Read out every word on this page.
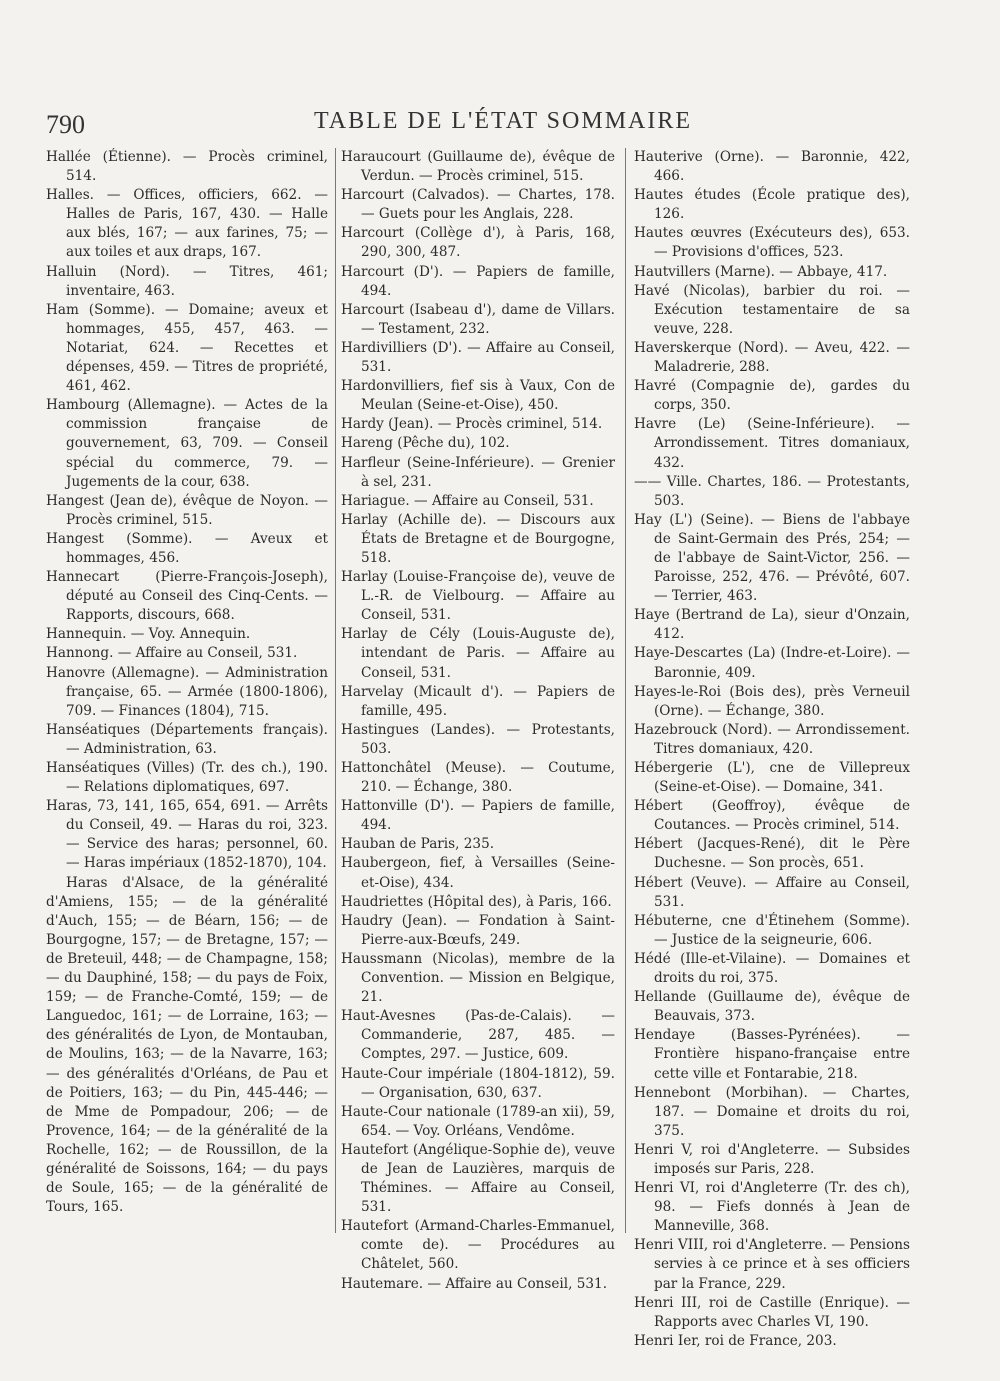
790	TABLE DE L'ÉTAT SOMMAIRE

Hallée (Étienne). — Procès criminel, 514.

Halles. — Offices, officiers, 662. — Halles de Paris, 167, 430. — Halle aux blés, 167; — aux farines, 75; — aux toiles et aux draps, 167.

Halluin (Nord). — Titres, 461; inventaire, 463.

Ham (Somme). — Domaine; aveux et hommages, 455, 457, 463. — Notariat, 624. — Recettes et dépenses, 459. — Titres de propriété, 461, 462.

Hambourg (Allemagne). — Actes de la commission française de gouvernement, 63, 709. — Conseil spécial du commerce, 79. — Jugements de la cour, 638.

Hangest (Jean de), évêque de Noyon. — Procès criminel, 515.

Hangest (Somme). — Aveux et hommages, 456.

Hannecart (Pierre-François-Joseph), député au Conseil des Cinq-Cents. — Rapports, discours, 668.

Hannequin. — Voy. Annequin.

Hannong. — Affaire au Conseil, 531.

Hanovre (Allemagne). — Administration française, 65. — Armée (1800-1806), 709. — Finances (1804), 715.

Hanséatiques (Départements français). — Administration, 63.

Hanséatiques (Villes) (Tr. des ch.), 190. — Relations diplomatiques, 697.

Haras, 73, 141, 165, 654, 691. — Arrêts du Conseil, 49. — Haras du roi, 323. — Service des haras; personnel, 60. — Haras impériaux (1852-1870), 104.

Haras d'Alsace, de la généralité d'Amiens, 155; — de la généralité d'Auch, 155; — de Béarn, 156; — de Bourgogne, 157; — de Bretagne, 157; — de Breteuil, 448; — de Champagne, 158; — du Dauphiné, 158; — du pays de Foix, 159; — de Franche-Comté, 159; — de Languedoc, 161; — de Lorraine, 163; — des généralités de Lyon, de Montauban, de Moulins, 163; — de la Navarre, 163; — des généralités d'Orléans, de Pau et de Poitiers, 163; — du Pin, 445-446; — de Mme de Pompadour, 206; — de Provence, 164; — de la généralité de la Rochelle, 162; — de Roussillon, de la généralité de Soissons, 164; — du pays de Soule, 165; — de la généralité de Tours, 165.

Haraucourt (Guillaume de), évêque de Verdun. — Procès criminel, 515.

Harcourt (Calvados). — Chartes, 178. — Guets pour les Anglais, 228.

Harcourt (Collège d'), à Paris, 168, 290, 300, 487.

Harcourt (D'). — Papiers de famille, 494.

Harcourt (Isabeau d'), dame de Villars. — Testament, 232.

Hardivilliers (D'). — Affaire au Conseil, 531.

Hardonvilliers, fief sis à Vaux, Con de Meulan (Seine-et-Oise), 450.

Hardy (Jean). — Procès criminel, 514.

Hareng (Pêche du), 102.

Harfleur (Seine-Inférieure). — Grenier à sel, 231.

Hariague. — Affaire au Conseil, 531.

Harlay (Achille de). — Discours aux États de Bretagne et de Bourgogne, 518.

Harlay (Louise-Françoise de), veuve de L.-R. de Vielbourg. — Affaire au Conseil, 531.

Harlay de Cély (Louis-Auguste de), intendant de Paris. — Affaire au Conseil, 531.

Harvelay (Micault d'). — Papiers de famille, 495.

Hastingues (Landes). — Protestants, 503.

Hattonchâtel (Meuse). — Coutume, 210. — Échange, 380.

Hattonville (D'). — Papiers de famille, 494.

Hauban de Paris, 235.

Haubergeon, fief, à Versailles (Seine-et-Oise), 434.

Haudriettes (Hôpital des), à Paris, 166.

Haudry (Jean). — Fondation à Saint-Pierre-aux-Bœufs, 249.

Haussmann (Nicolas), membre de la Convention. — Mission en Belgique, 21.

Haut-Avesnes (Pas-de-Calais). — Commanderie, 287, 485. — Comptes, 297. — Justice, 609.

Haute-Cour impériale (1804-1812), 59. — Organisation, 630, 637.

Haute-Cour nationale (1789-an xii), 59, 654. — Voy. Orléans, Vendôme.

Hautefort (Angélique-Sophie de), veuve de Jean de Lauzières, marquis de Thémines. — Affaire au Conseil, 531.

Hautefort (Armand-Charles-Emmanuel, comte de). — Procédures au Châtelet, 560.

Hautemare. — Affaire au Conseil, 531.

Hauterive (Orne). — Baronnie, 422, 466.

Hautes études (École pratique des), 126.

Hautes œuvres (Exécuteurs des), 653. — Provisions d'offices, 523.

Hautvillers (Marne). — Abbaye, 417.

Havé (Nicolas), barbier du roi. — Exécution testamentaire de sa veuve, 228.

Haverskerque (Nord). — Aveu, 422. — Maladrerie, 288.

Havré (Compagnie de), gardes du corps, 350.

Havre (Le) (Seine-Inférieure). — Arrondissement. Titres domaniaux, 432.

—— Ville. Chartes, 186. — Protestants, 503.

Hay (L') (Seine). — Biens de l'abbaye de Saint-Germain des Prés, 254; — de l'abbaye de Saint-Victor, 256. — Paroisse, 252, 476. — Prévôté, 607. — Terrier, 463.

Haye (Bertrand de La), sieur d'Onzain, 412.

Haye-Descartes (La) (Indre-et-Loire). — Baronnie, 409.

Hayes-le-Roi (Bois des), près Verneuil (Orne). — Échange, 380.

Hazebrouck (Nord). — Arrondissement. Titres domaniaux, 420.

Hébergerie (L'), cne de Villepreux (Seine-et-Oise). — Domaine, 341.

Hébert (Geoffroy), évêque de Coutances. — Procès criminel, 514.

Hébert (Jacques-René), dit le Père Duchesne. — Son procès, 651.

Hébert (Veuve). — Affaire au Conseil, 531.

Hébuterne, cne d'Étinehem (Somme). — Justice de la seigneurie, 606.

Hédé (Ille-et-Vilaine). — Domaines et droits du roi, 375.

Hellande (Guillaume de), évêque de Beauvais, 373.

Hendaye (Basses-Pyrénées). — Frontière hispano-française entre cette ville et Fontarabie, 218.

Hennebont (Morbihan). — Chartes, 187. — Domaine et droits du roi, 375.

Henri V, roi d'Angleterre. — Subsides imposés sur Paris, 228.

Henri VI, roi d'Angleterre (Tr. des ch), 98. — Fiefs donnés à Jean de Manneville, 368.

Henri VIII, roi d'Angleterre. — Pensions servies à ce prince et à ses officiers par la France, 229.

Henri III, roi de Castille (Enrique). — Rapports avec Charles VI, 190.

Henri Ier, roi de France, 203.
